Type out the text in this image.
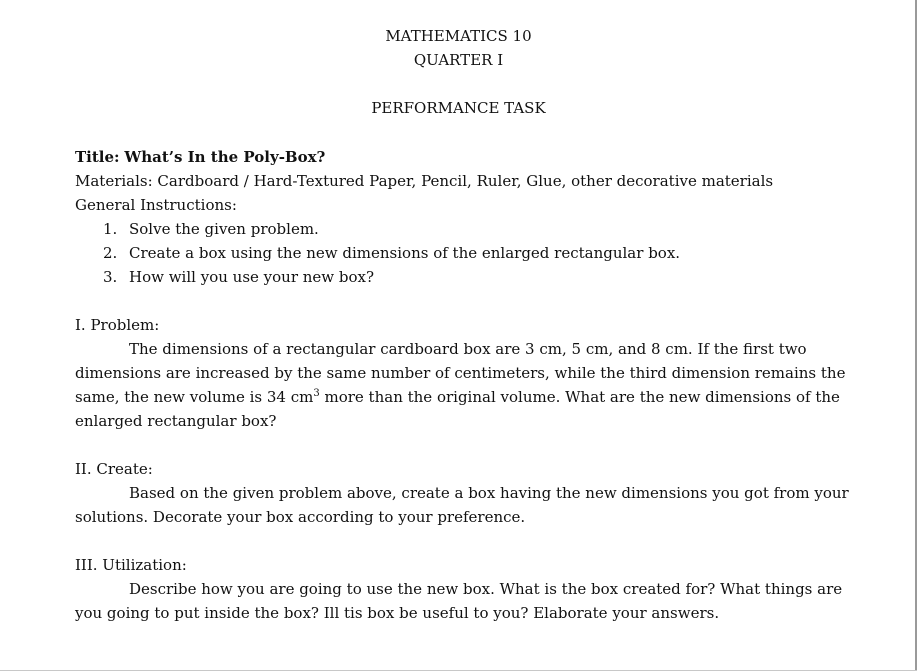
MATHEMATICS 10
QUARTER I
PERFORMANCE TASK
Title: What’s In the Poly-Box?
Materials: Cardboard / Hard-Textured Paper, Pencil, Ruler, Glue, other decorative materials
General Instructions:
1. Solve the given problem.
2. Create a box using the new dimensions of the enlarged rectangular box.
3. How will you use your new box?
I. Problem:
The dimensions of a rectangular cardboard box are 3 cm, 5 cm, and 8 cm. If the first two dimensions are increased by the same number of centimeters, while the third dimension remains the same, the new volume is 34 $cm^3$ more than the original volume. What are the new dimensions of the enlarged rectangular box?
II. Create:
Based on the given problem above, create a box having the new dimensions you got from your solutions. Decorate your box according to your preference.
III. Utilization:
Describe how you are going to use the new box. What is the box created for? What things are you going to put inside the box? Ill tis box be useful to you? Elaborate your answers.
